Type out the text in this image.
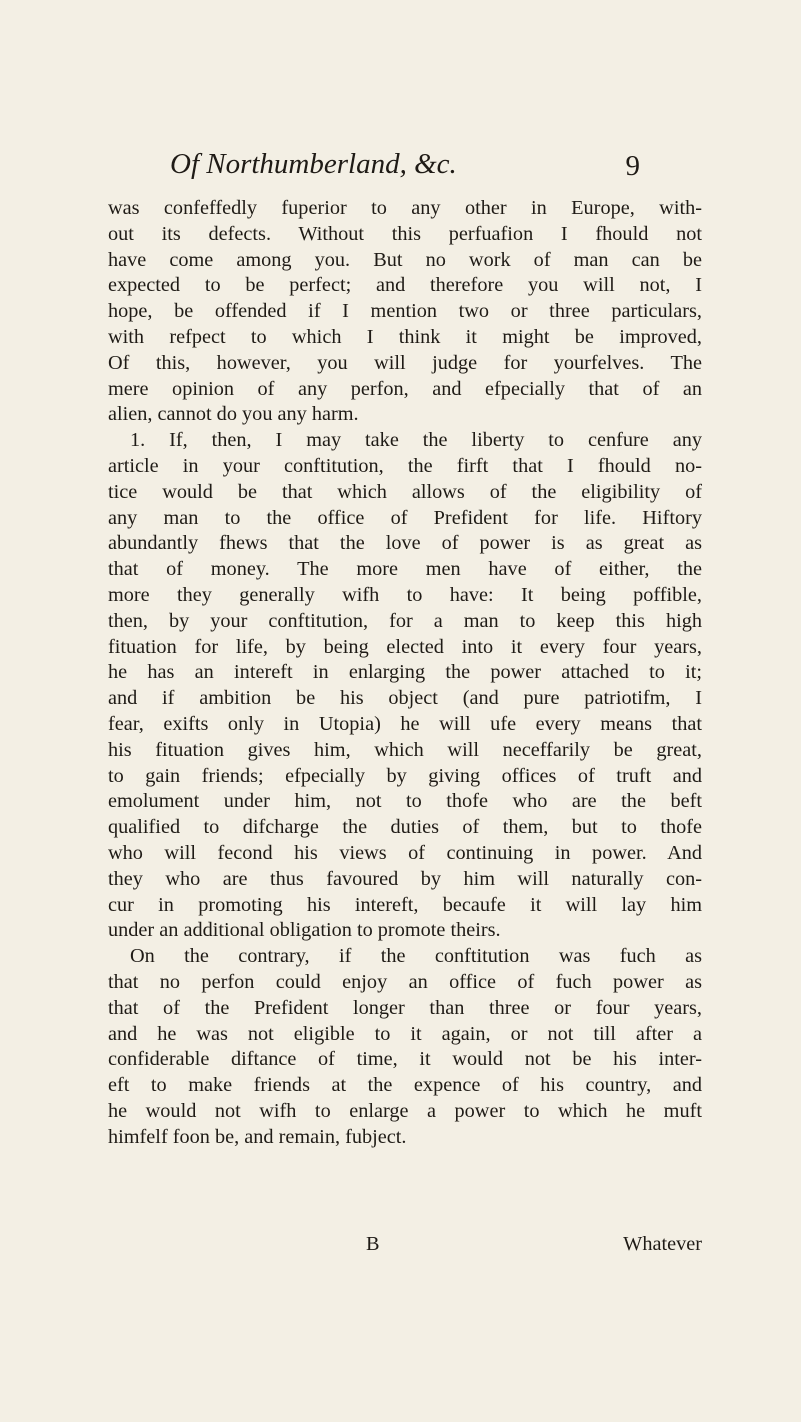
Of Northumberland, &c.	9
was confeffedly fuperior to any other in Europe, with-
out its defects. Without this perfuafion I fhould not
have come among you. But no work of man can be
expected to be perfect; and therefore you will not, I
hope, be offended if I mention two or three particulars,
with refpect to which I think it might be improved,
Of this, however, you will judge for yourfelves. The
mere opinion of any perfon, and efpecially that of an
alien, cannot do you any harm.
1. If, then, I may take the liberty to cenfure any
article in your conftitution, the firft that I fhould no-
tice would be that which allows of the eligibility of
any man to the office of Prefident for life. Hiftory
abundantly fhews that the love of power is as great as
that of money. The more men have of either, the
more they generally wifh to have: It being poffible,
then, by your conftitution, for a man to keep this high
fituation for life, by being elected into it every four years,
he has an intereft in enlarging the power attached to it;
and if ambition be his object (and pure patriotifm, I
fear, exifts only in Utopia) he will ufe every means that
his fituation gives him, which will neceffarily be great,
to gain friends; efpecially by giving offices of truft and
emolument under him, not to thofe who are the beft
qualified to difcharge the duties of them, but to thofe
who will fecond his views of continuing in power. And
they who are thus favoured by him will naturally con-
cur in promoting his intereft, becaufe it will lay him
under an additional obligation to promote theirs.
On the contrary, if the conftitution was fuch as
that no perfon could enjoy an office of fuch power as
that of the Prefident longer than three or four years,
and he was not eligible to it again, or not till after a
confiderable diftance of time, it would not be his inter-
eft to make friends at the expence of his country, and
he would not wifh to enlarge a power to which he muft
himfelf foon be, and remain, fubject.
B	Whatever
